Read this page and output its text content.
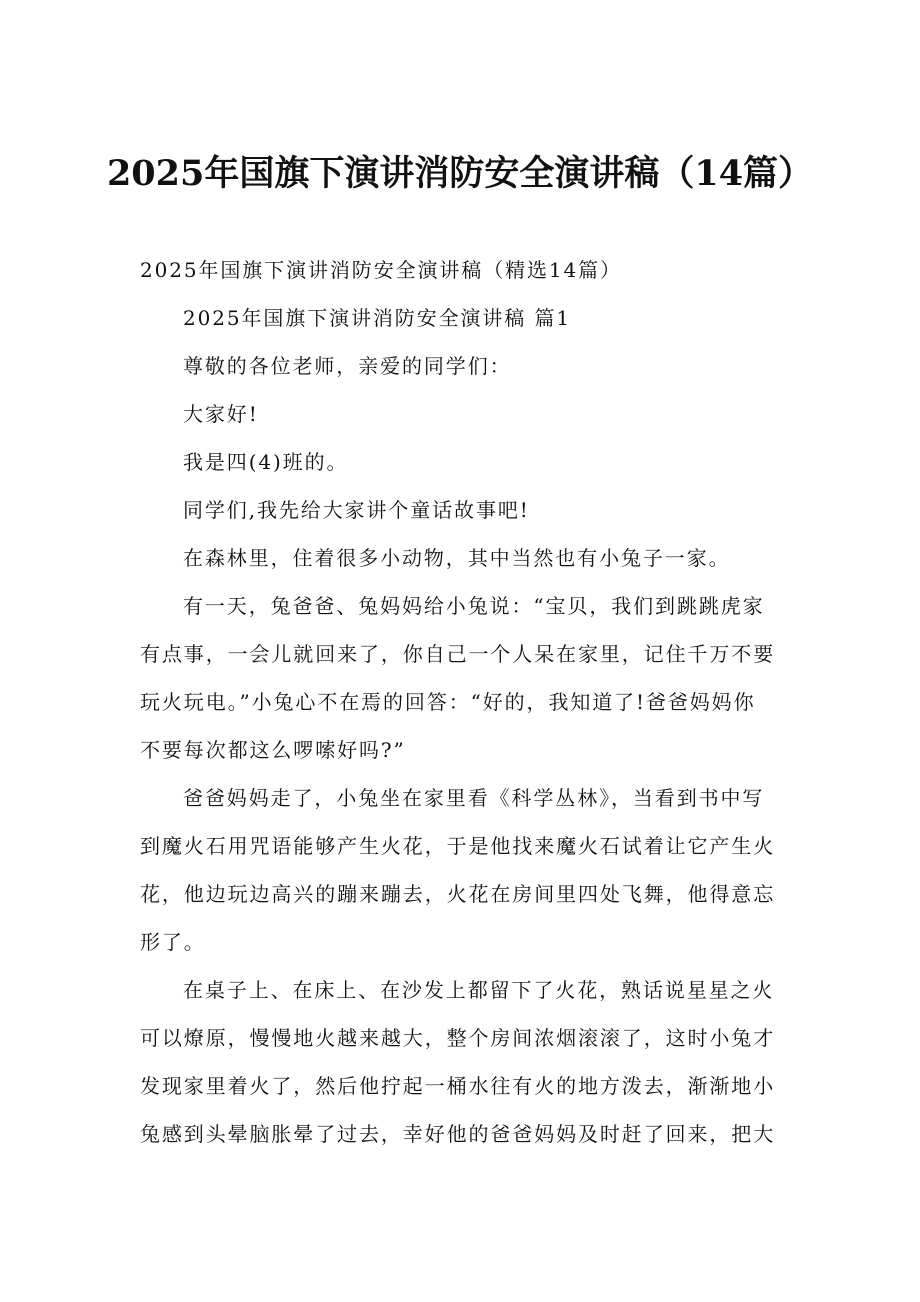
2025年国旗下演讲消防安全演讲稿（14篇）
2025年国旗下演讲消防安全演讲稿（精选14篇）
2025年国旗下演讲消防安全演讲稿 篇1
尊敬的各位老师，亲爱的同学们：
大家好!
我是四(4)班的。
同学们,我先给大家讲个童话故事吧!
在森林里，住着很多小动物，其中当然也有小兔子一家。
有一天，兔爸爸、兔妈妈给小兔说：“宝贝，我们到跳跳虎家
有点事，一会儿就回来了，你自己一个人呆在家里，记住千万不要
玩火玩电。”小兔心不在焉的回答：“好的，我知道了!爸爸妈妈你
不要每次都这么啰嗦好吗?”
爸爸妈妈走了，小兔坐在家里看《科学丛林》，当看到书中写
到魔火石用咒语能够产生火花，于是他找来魔火石试着让它产生火
花，他边玩边高兴的蹦来蹦去，火花在房间里四处飞舞，他得意忘
形了。
在桌子上、在床上、在沙发上都留下了火花，熟话说星星之火
可以燎原，慢慢地火越来越大，整个房间浓烟滚滚了，这时小兔才
发现家里着火了，然后他拧起一桶水往有火的地方泼去，渐渐地小
兔感到头晕脑胀晕了过去，幸好他的爸爸妈妈及时赶了回来，把大
